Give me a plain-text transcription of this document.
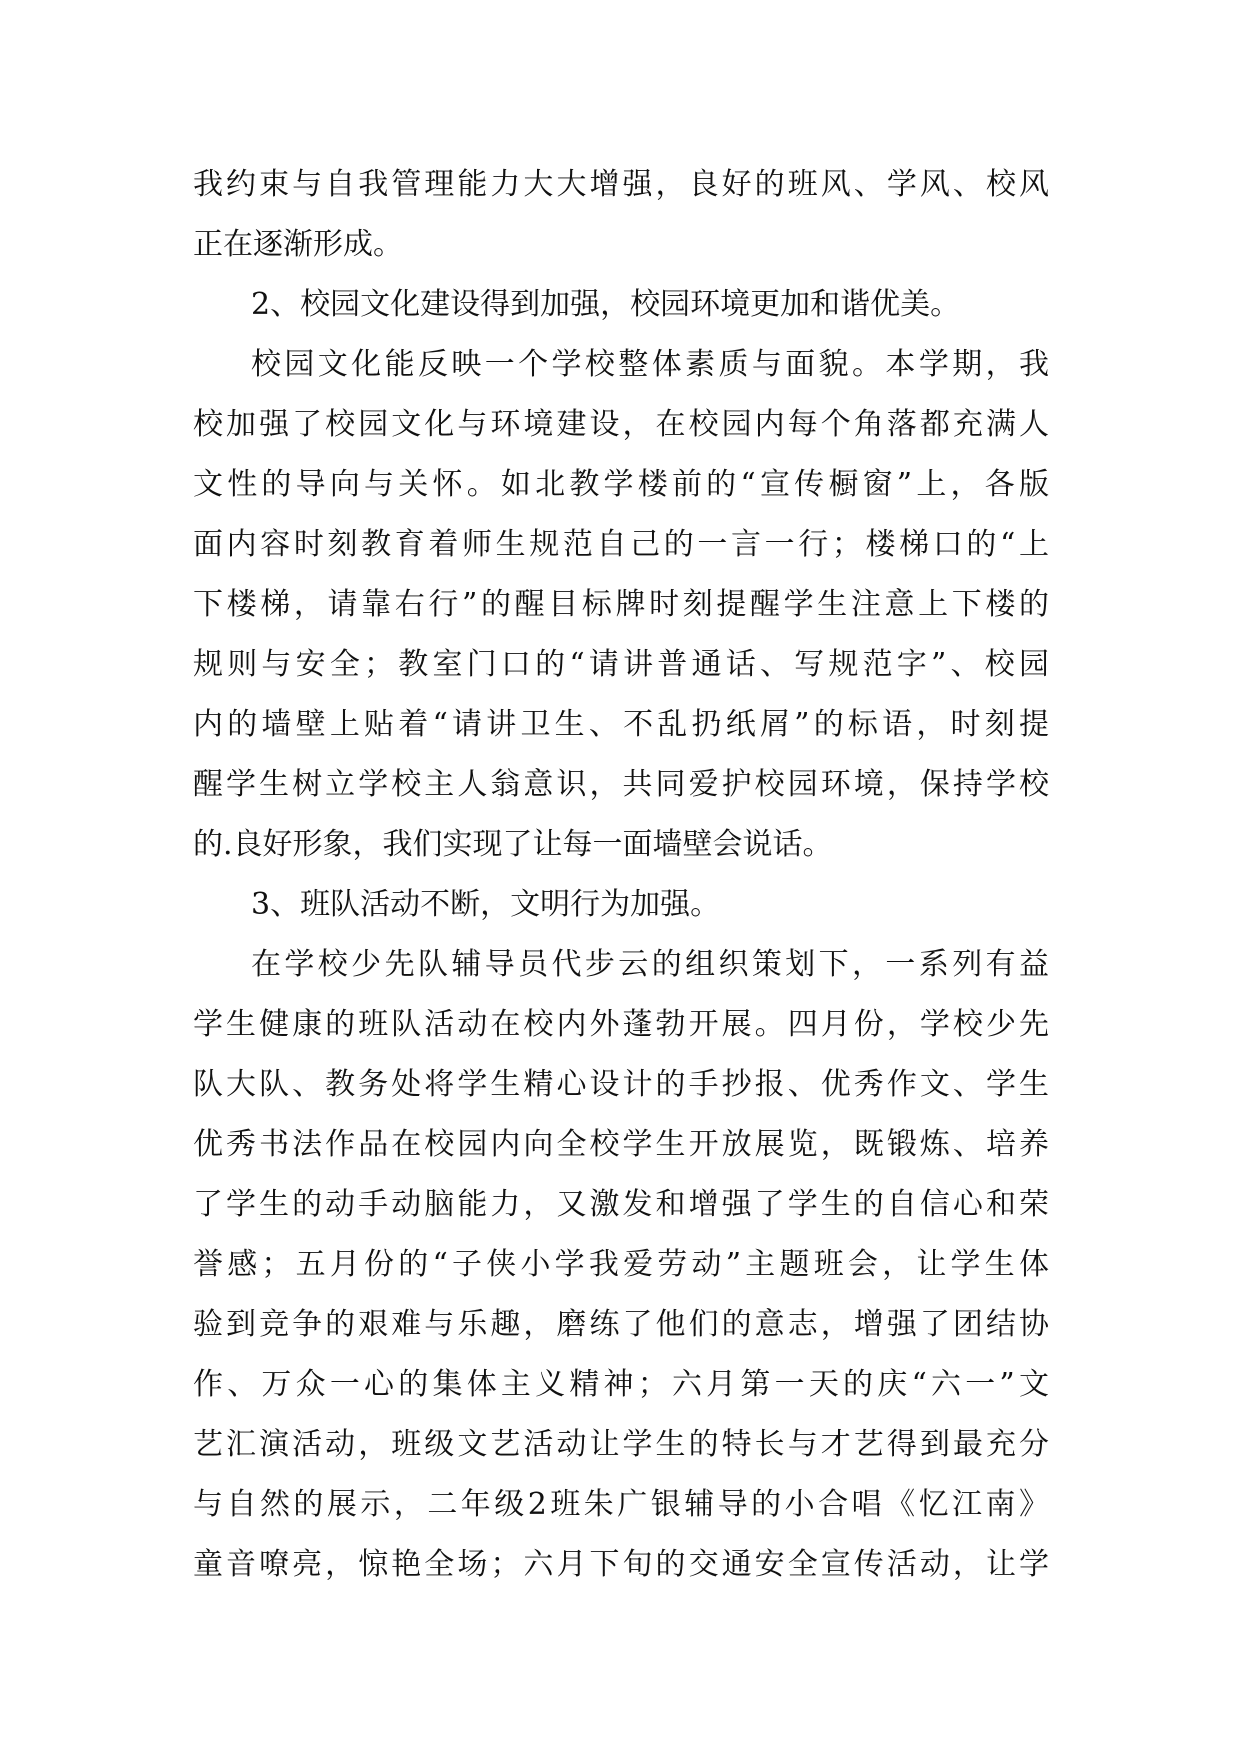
我约束与自我管理能力大大增强，良好的班风、学风、校风
正在逐渐形成。
2、校园文化建设得到加强，校园环境更加和谐优美。
校园文化能反映一个学校整体素质与面貌。本学期，我
校加强了校园文化与环境建设，在校园内每个角落都充满人
文性的导向与关怀。如北教学楼前的“宣传橱窗”上，各版
面内容时刻教育着师生规范自己的一言一行；楼梯口的“上
下楼梯，请靠右行”的醒目标牌时刻提醒学生注意上下楼的
规则与安全；教室门口的“请讲普通话、写规范字”、校园
内的墙壁上贴着“请讲卫生、不乱扔纸屑”的标语，时刻提
醒学生树立学校主人翁意识，共同爱护校园环境，保持学校
的.良好形象，我们实现了让每一面墙壁会说话。
3、班队活动不断，文明行为加强。
在学校少先队辅导员代步云的组织策划下，一系列有益
学生健康的班队活动在校内外蓬勃开展。四月份，学校少先
队大队、教务处将学生精心设计的手抄报、优秀作文、学生
优秀书法作品在校园内向全校学生开放展览，既锻炼、培养
了学生的动手动脑能力，又激发和增强了学生的自信心和荣
誉感；五月份的“子侠小学我爱劳动”主题班会，让学生体
验到竞争的艰难与乐趣，磨练了他们的意志，增强了团结协
作、万众一心的集体主义精神；六月第一天的庆“六一”文
艺汇演活动，班级文艺活动让学生的特长与才艺得到最充分
与自然的展示，二年级2班朱广银辅导的小合唱《忆江南》
童音嘹亮，惊艳全场；六月下旬的交通安全宣传活动，让学
